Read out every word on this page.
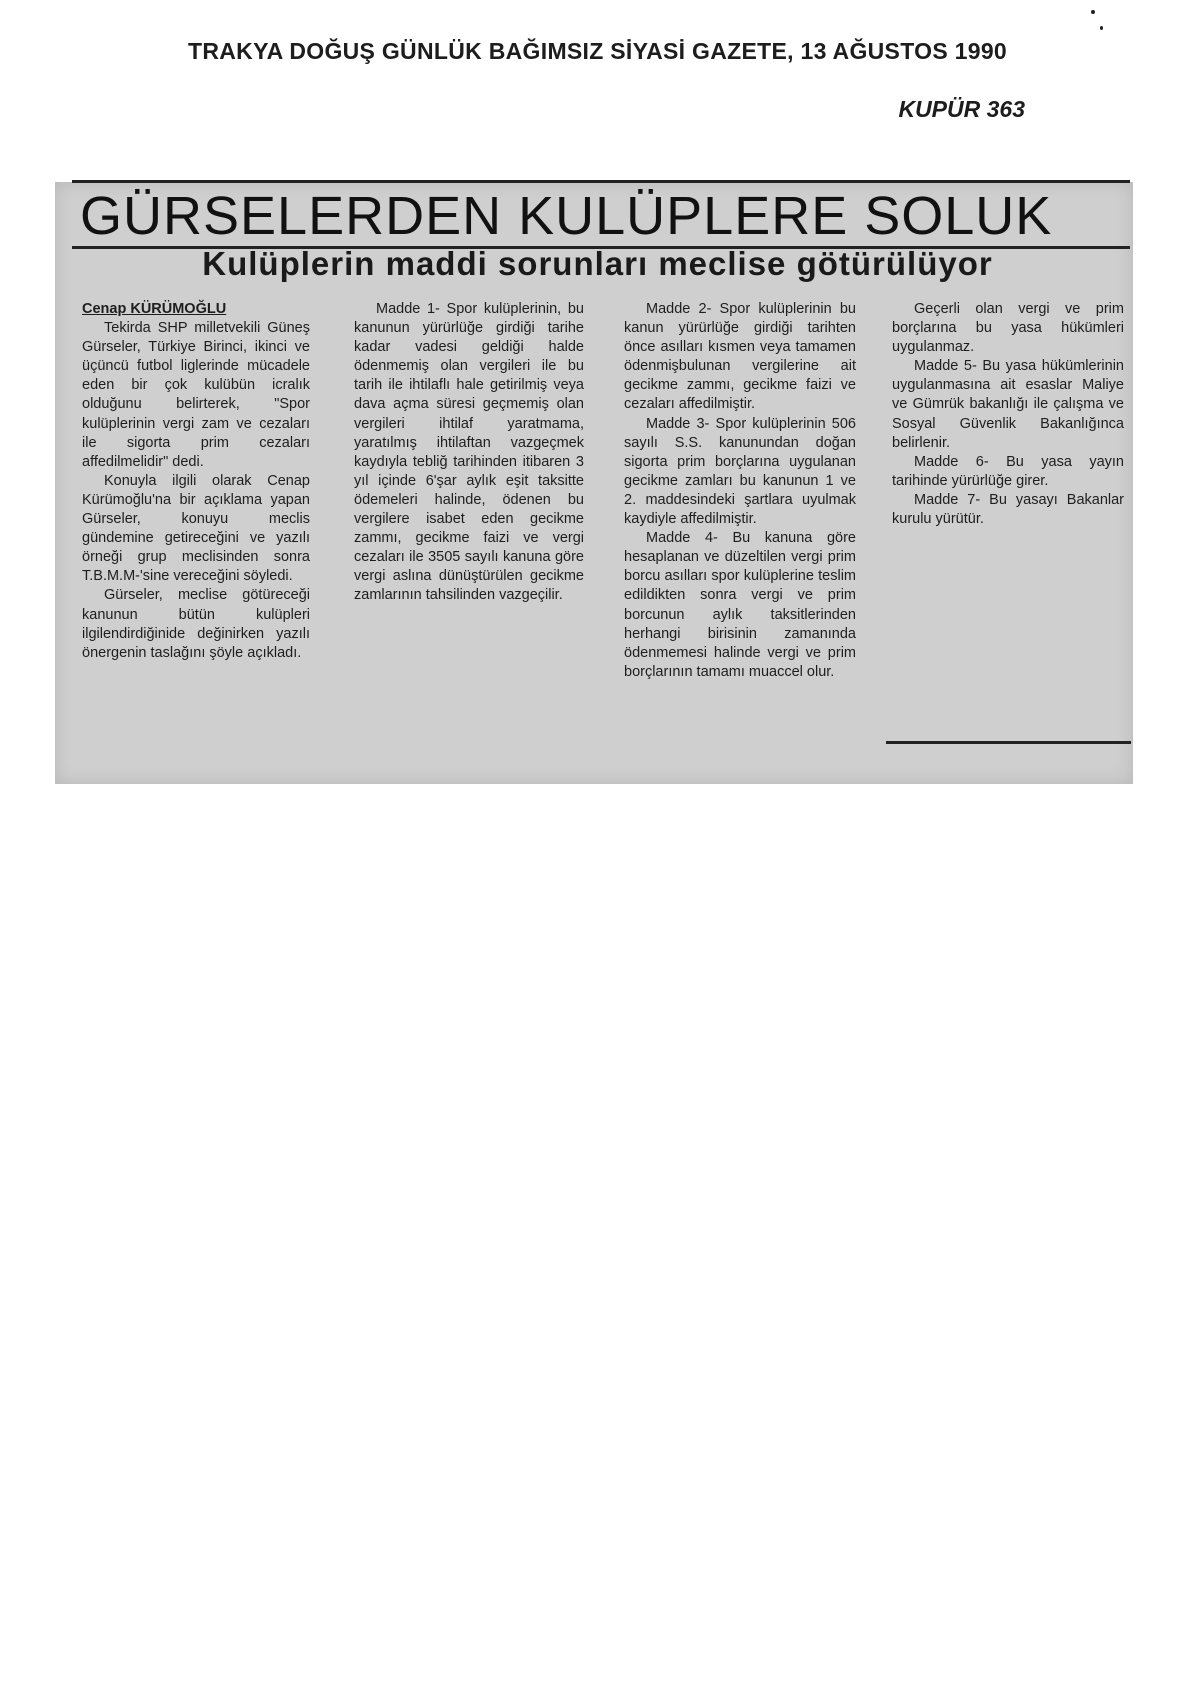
TRAKYA DOĞUŞ GÜNLÜK BAĞIMSIZ SİYASİ GAZETE, 13 AĞUSTOS 1990
KUPÜR 363
GÜRSELERDEN KULÜPLERE SOLUK
Kulüplerin maddi sorunları meclise götürülüyor

Cenap KÜRÜMOĞLU

Tekirda SHP milletvekili Güneş Gürseler, Türkiye Birinci, ikinci ve üçüncü futbol liglerinde mücadele eden bir çok kulübün icralık olduğunu belirterek, "Spor kulüplerinin vergi zam ve cezaları ile sigorta prim cezaları affedilmelidir" dedi.

Konuyla ilgili olarak Cenap Kürümoğlu'na bir açıklama yapan Gürseler, konuyu meclis gündemine getireceğini ve yazılı örneği grup meclisinden sonra T.B.M.M-'sine vereceğini söyledi.

Gürseler, meclise götüreceği kanunun bütün kulüpleri ilgilendirdiğinide değinirken yazılı önergenin taslağını şöyle açıkladı.

Madde 1- Spor kulüplerinin, bu kanunun yürürlüğe girdiği tarihe kadar vadesi geldiği halde ödenmemiş olan vergileri ile bu tarih ile ihtilaflı hale getirilmiş veya dava açma süresi geçmemiş olan vergileri ihtilaf yaratmama, yaratılmış ihtilaftan vazgeçmek kaydıyla tebliğ tarihinden itibaren 3 yıl içinde 6'şar aylık eşit taksitte ödemeleri halinde, ödenen bu vergilere isabet eden gecikme zammı, gecikme faizi ve vergi cezaları ile 3505 sayılı kanuna göre vergi aslına dünüştürülen gecikme zamlarının tahsilinden vazgeçilir.

Madde 2- Spor kulüplerinin bu kanun yürürlüğe girdiği tarihten önce asılları kısmen veya tamamen ödenmişbulunan vergilerine ait gecikme zammı, gecikme faizi ve cezaları affedilmiştir.

Madde 3- Spor kulüplerinin 506 sayılı S.S. kanunundan doğan sigorta prim borçlarına uygulanan gecikme zamları bu kanunun 1 ve 2. maddesindeki şartlara uyulmak kaydiyle affedilmiştir.

Madde 4- Bu kanuna göre hesaplanan ve düzeltilen vergi prim borcu asılları spor kulüplerine teslim edildikten sonra vergi ve prim borcunun aylık taksitlerinden herhangi birisinin zamanında ödenmemesi halinde vergi ve prim borçlarının tamamı muaccel olur.

Geçerli olan vergi ve prim borçlarına bu yasa hükümleri uygulanmaz.

Madde 5- Bu yasa hükümlerinin uygulanmasına ait esaslar Maliye ve Gümrük bakanlığı ile çalışma ve Sosyal Güvenlik Bakanlığınca belirlenir.

Madde 6- Bu yasa yayın tarihinde yürürlüğe girer.

Madde 7- Bu yasayı Bakanlar kurulu yürütür.
